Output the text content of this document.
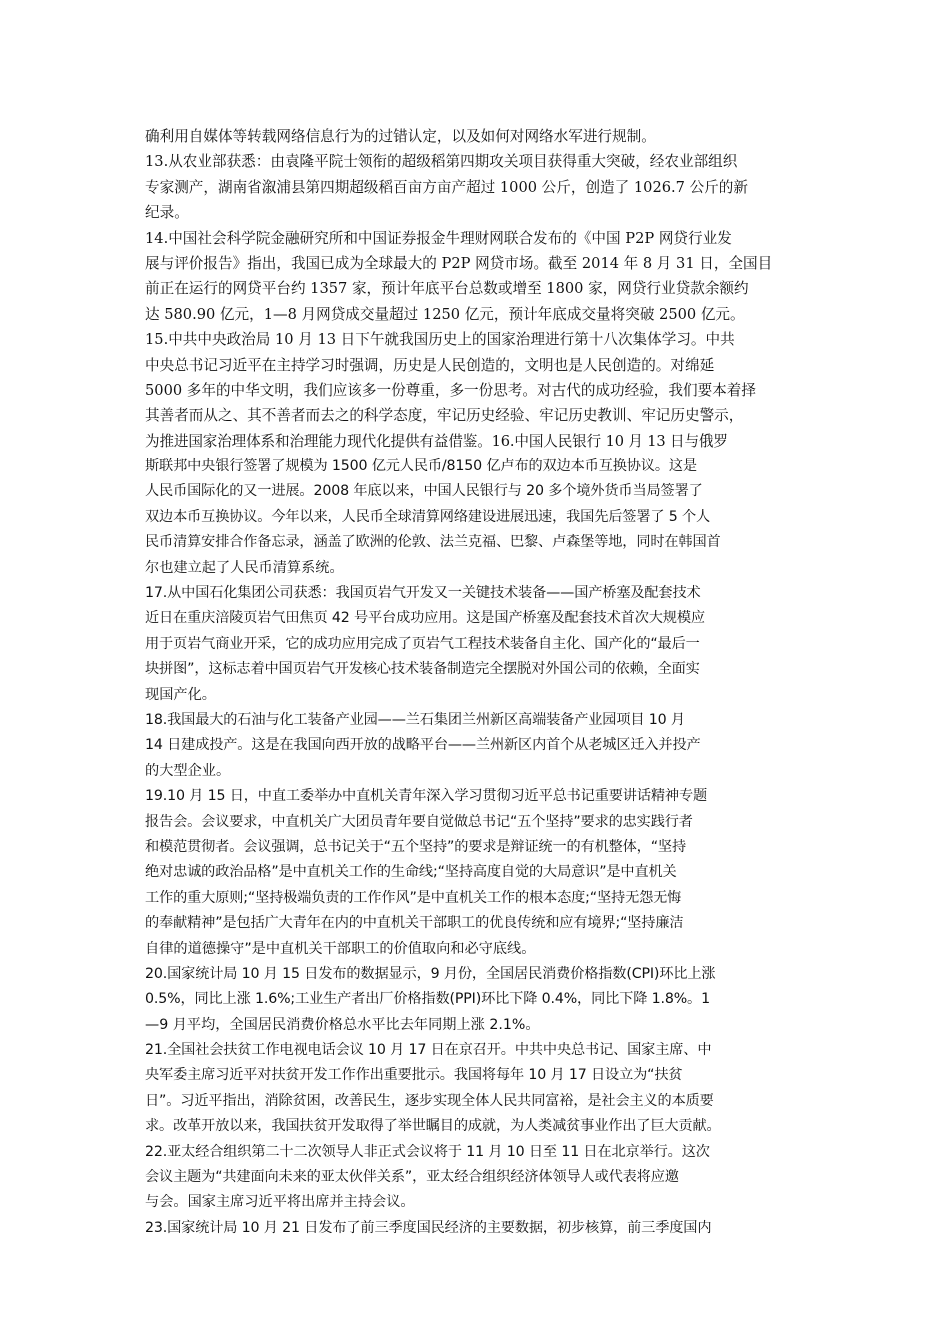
确利用自媒体等转载网络信息行为的过错认定，以及如何对网络水军进行规制。
13.从农业部获悉：由袁隆平院士领衔的超级稻第四期攻关项目获得重大突破，经农业部组织
专家测产，湖南省溆浦县第四期超级稻百亩方亩产超过 1000 公斤，创造了 1026.7 公斤的新
纪录。
14.中国社会科学院金融研究所和中国证券报金牛理财网联合发布的《中国 P2P 网贷行业发
展与评价报告》指出，我国已成为全球最大的 P2P 网贷市场。截至 2014 年 8 月 31 日，全国目
前正在运行的网贷平台约 1357 家，预计年底平台总数或增至 1800 家，网贷行业贷款余额约
达 580.90 亿元，1—8 月网贷成交量超过 1250 亿元，预计年底成交量将突破 2500 亿元。
15.中共中央政治局 10 月 13 日下午就我国历史上的国家治理进行第十八次集体学习。中共
中央总书记习近平在主持学习时强调，历史是人民创造的，文明也是人民创造的。对绵延
5000 多年的中华文明，我们应该多一份尊重，多一份思考。对古代的成功经验，我们要本着择
其善者而从之、其不善者而去之的科学态度，牢记历史经验、牢记历史教训、牢记历史警示，
为推进国家治理体系和治理能力现代化提供有益借鉴。16.中国人民银行 10 月 13 日与俄罗
斯联邦中央银行签署了规模为 1500 亿元人民币/8150 亿卢布的双边本币互换协议。这是
人民币国际化的又一进展。2008 年底以来，中国人民银行与 20 多个境外货币当局签署了
双边本币互换协议。今年以来，人民币全球清算网络建设进展迅速，我国先后签署了 5 个人
民币清算安排合作备忘录，涵盖了欧洲的伦敦、法兰克福、巴黎、卢森堡等地，同时在韩国首
尔也建立起了人民币清算系统。
17.从中国石化集团公司获悉：我国页岩气开发又一关键技术装备——国产桥塞及配套技术
近日在重庆涪陵页岩气田焦页 42 号平台成功应用。这是国产桥塞及配套技术首次大规模应
用于页岩气商业开采，它的成功应用完成了页岩气工程技术装备自主化、国产化的“最后一
块拼图”，这标志着中国页岩气开发核心技术装备制造完全摆脱对外国公司的依赖，全面实
现国产化。
18.我国最大的石油与化工装备产业园——兰石集团兰州新区高端装备产业园项目 10 月
14 日建成投产。这是在我国向西开放的战略平台——兰州新区内首个从老城区迁入并投产
的大型企业。
19.10 月 15 日，中直工委举办中直机关青年深入学习贯彻习近平总书记重要讲话精神专题
报告会。会议要求，中直机关广大团员青年要自觉做总书记“五个坚持”要求的忠实践行者
和模范贯彻者。会议强调，总书记关于“五个坚持”的要求是辩证统一的有机整体，“坚持
绝对忠诚的政治品格”是中直机关工作的生命线;“坚持高度自觉的大局意识”是中直机关
工作的重大原则;“坚持极端负责的工作作风”是中直机关工作的根本态度;“坚持无怨无悔
的奉献精神”是包括广大青年在内的中直机关干部职工的优良传统和应有境界;“坚持廉洁
自律的道德操守”是中直机关干部职工的价值取向和必守底线。
20.国家统计局 10 月 15 日发布的数据显示，9 月份，全国居民消费价格指数(CPI)环比上涨
0.5%，同比上涨 1.6%;工业生产者出厂价格指数(PPI)环比下降 0.4%，同比下降 1.8%。1
—9 月平均，全国居民消费价格总水平比去年同期上涨 2.1%。
21.全国社会扶贫工作电视电话会议 10 月 17 日在京召开。中共中央总书记、国家主席、中
央军委主席习近平对扶贫开发工作作出重要批示。我国将每年 10 月 17 日设立为“扶贫
日”。习近平指出，消除贫困，改善民生，逐步实现全体人民共同富裕，是社会主义的本质要
求。改革开放以来，我国扶贫开发取得了举世瞩目的成就，为人类减贫事业作出了巨大贡献。
22.亚太经合组织第二十二次领导人非正式会议将于 11 月 10 日至 11 日在北京举行。这次
会议主题为“共建面向未来的亚太伙伴关系”，亚太经合组织经济体领导人或代表将应邀
与会。国家主席习近平将出席并主持会议。
23.国家统计局 10 月 21 日发布了前三季度国民经济的主要数据，初步核算，前三季度国内
